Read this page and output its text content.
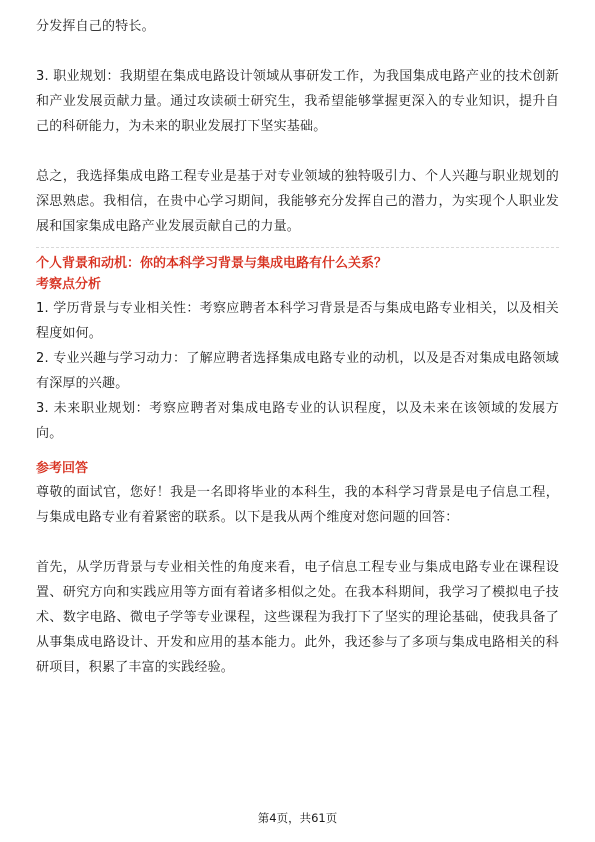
分发挥自己的特长。

3. 职业规划：我期望在集成电路设计领域从事研发工作，为我国集成电路产业的技术创新和产业发展贡献力量。通过攻读硕士研究生，我希望能够掌握更深入的专业知识，提升自己的科研能力，为未来的职业发展打下坚实基础。

总之，我选择集成电路工程专业是基于对专业领域的独特吸引力、个人兴趣与职业规划的深思熟虑。我相信，在贵中心学习期间，我能够充分发挥自己的潜力，为实现个人职业发展和国家集成电路产业发展贡献自己的力量。

个人背景和动机：你的本科学习背景与集成电路有什么关系？

考察点分析

1. 学历背景与专业相关性：考察应聘者本科学习背景是否与集成电路专业相关，以及相关程度如何。

2. 专业兴趣与学习动力：了解应聘者选择集成电路专业的动机，以及是否对集成电路领域有深厚的兴趣。

3. 未来职业规划：考察应聘者对集成电路专业的认识程度，以及未来在该领域的发展方向。

参考回答

尊敬的面试官，您好！我是一名即将毕业的本科生，我的本科学习背景是电子信息工程，与集成电路专业有着紧密的联系。以下是我从两个维度对您问题的回答：

首先，从学历背景与专业相关性的角度来看，电子信息工程专业与集成电路专业在课程设置、研究方向和实践应用等方面有着诸多相似之处。在我本科期间，我学习了模拟电子技术、数字电路、微电子学等专业课程，这些课程为我打下了坚实的理论基础，使我具备了从事集成电路设计、开发和应用的基本能力。此外，我还参与了多项与集成电路相关的科研项目，积累了丰富的实践经验。

第4页，共61页
